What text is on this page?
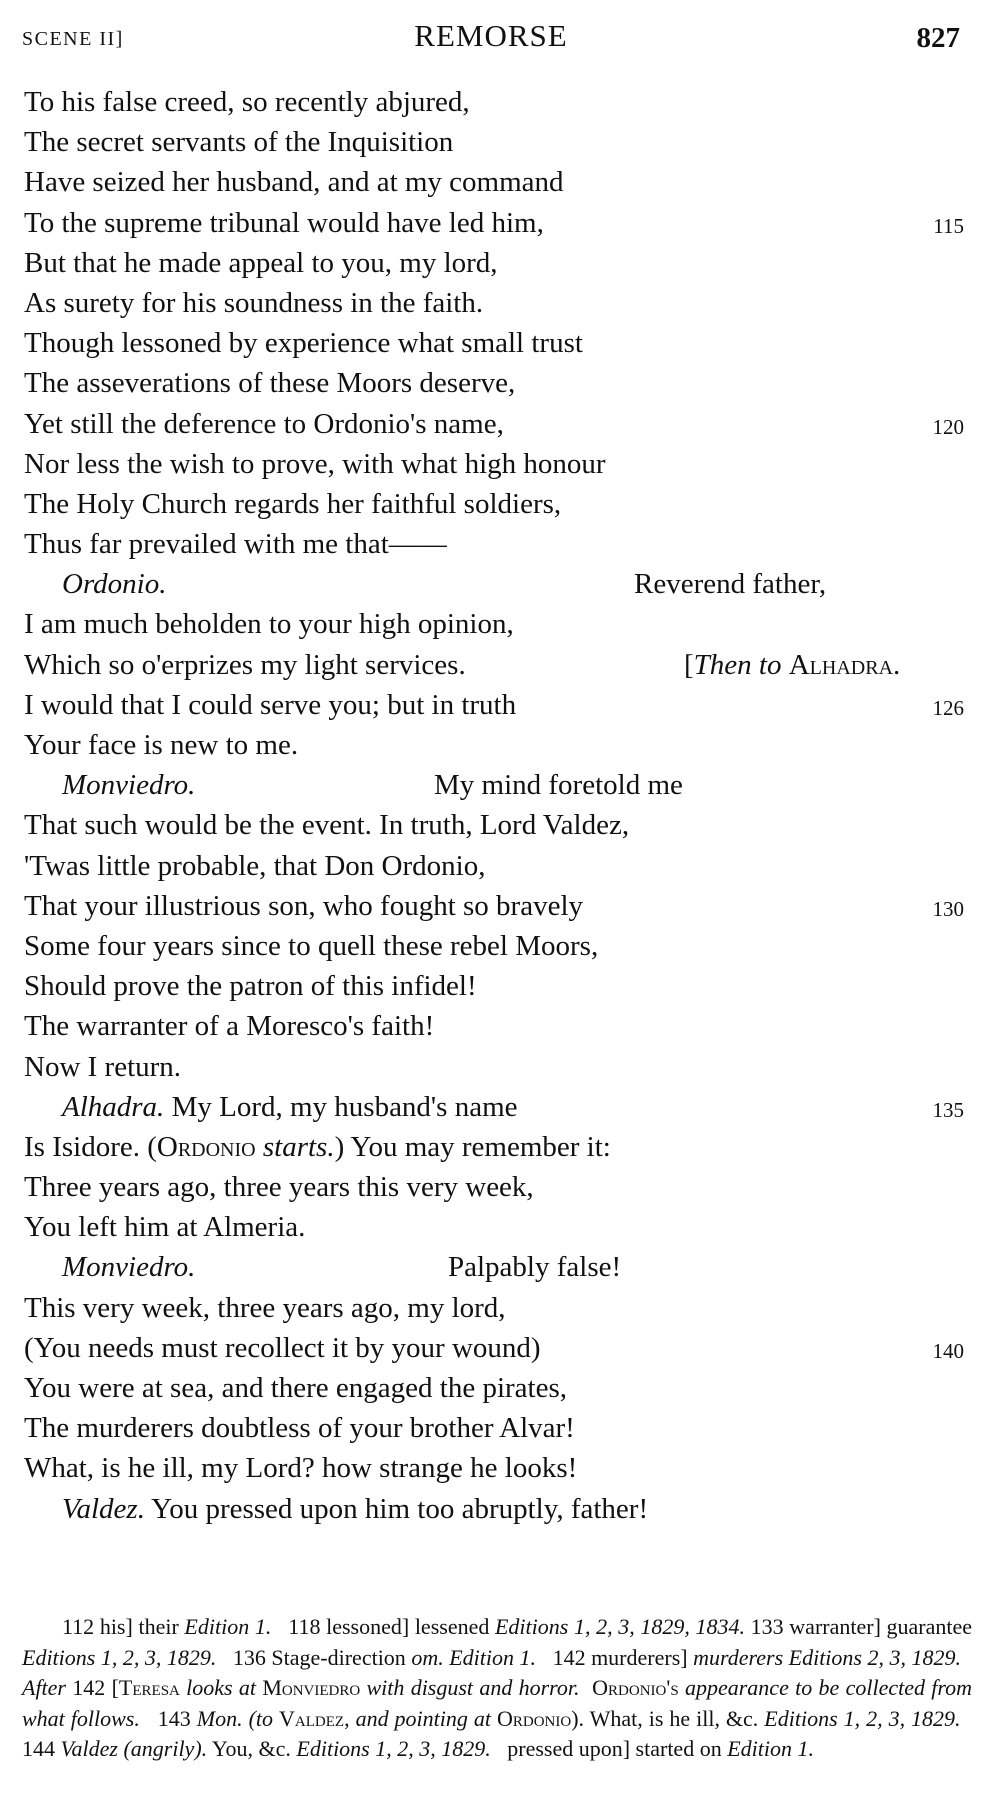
SCENE II]	REMORSE	827
To his false creed, so recently abjured,
The secret servants of the Inquisition
Have seized her husband, and at my command
To the supreme tribunal would have led him,	115
But that he made appeal to you, my lord,
As surety for his soundness in the faith.
Though lessoned by experience what small trust
The asseverations of these Moors deserve,
Yet still the deference to Ordonio's name,	120
Nor less the wish to prove, with what high honour
The Holy Church regards her faithful soldiers,
Thus far prevailed with me that——
Ordonio.	Reverend father,
I am much beholden to your high opinion,
Which so o'erprizes my light services.	[Then to Alhadra.
I would that I could serve you; but in truth	126
Your face is new to me.
Monviedro.	My mind foretold me
That such would be the event. In truth, Lord Valdez,
'Twas little probable, that Don Ordonio,
That your illustrious son, who fought so bravely	130
Some four years since to quell these rebel Moors,
Should prove the patron of this infidel!
The warranter of a Moresco's faith!
Now I return.
Alhadra. My Lord, my husband's name	135
Is Isidore. (Ordonio starts.) You may remember it:
Three years ago, three years this very week,
You left him at Almeria.
Monviedro.	Palpably false!
This very week, three years ago, my lord,
(You needs must recollect it by your wound)	140
You were at sea, and there engaged the pirates,
The murderers doubtless of your brother Alvar!
What, is he ill, my Lord? how strange he looks!
Valdez. You pressed upon him too abruptly, father!

112 his] their Edition 1. 118 lessoned] lessened Editions 1, 2, 3, 1829, 1834. 133 warranter] guarantee Editions 1, 2, 3, 1829. 136 Stage-direction om. Edition 1. 142 murderers] murderers Editions 2, 3, 1829.   After 142 [Teresa looks at Monviedro with disgust and horror. Ordonio's appearance to be collected from what follows. 143 Mon. (to Valdez, and pointing at Ordonio). What, is he ill, &c. Editions 1, 2, 3, 1829.   144 Valdez (angrily). You, &c. Editions 1, 2, 3, 1829. pressed upon] started on Edition 1.
